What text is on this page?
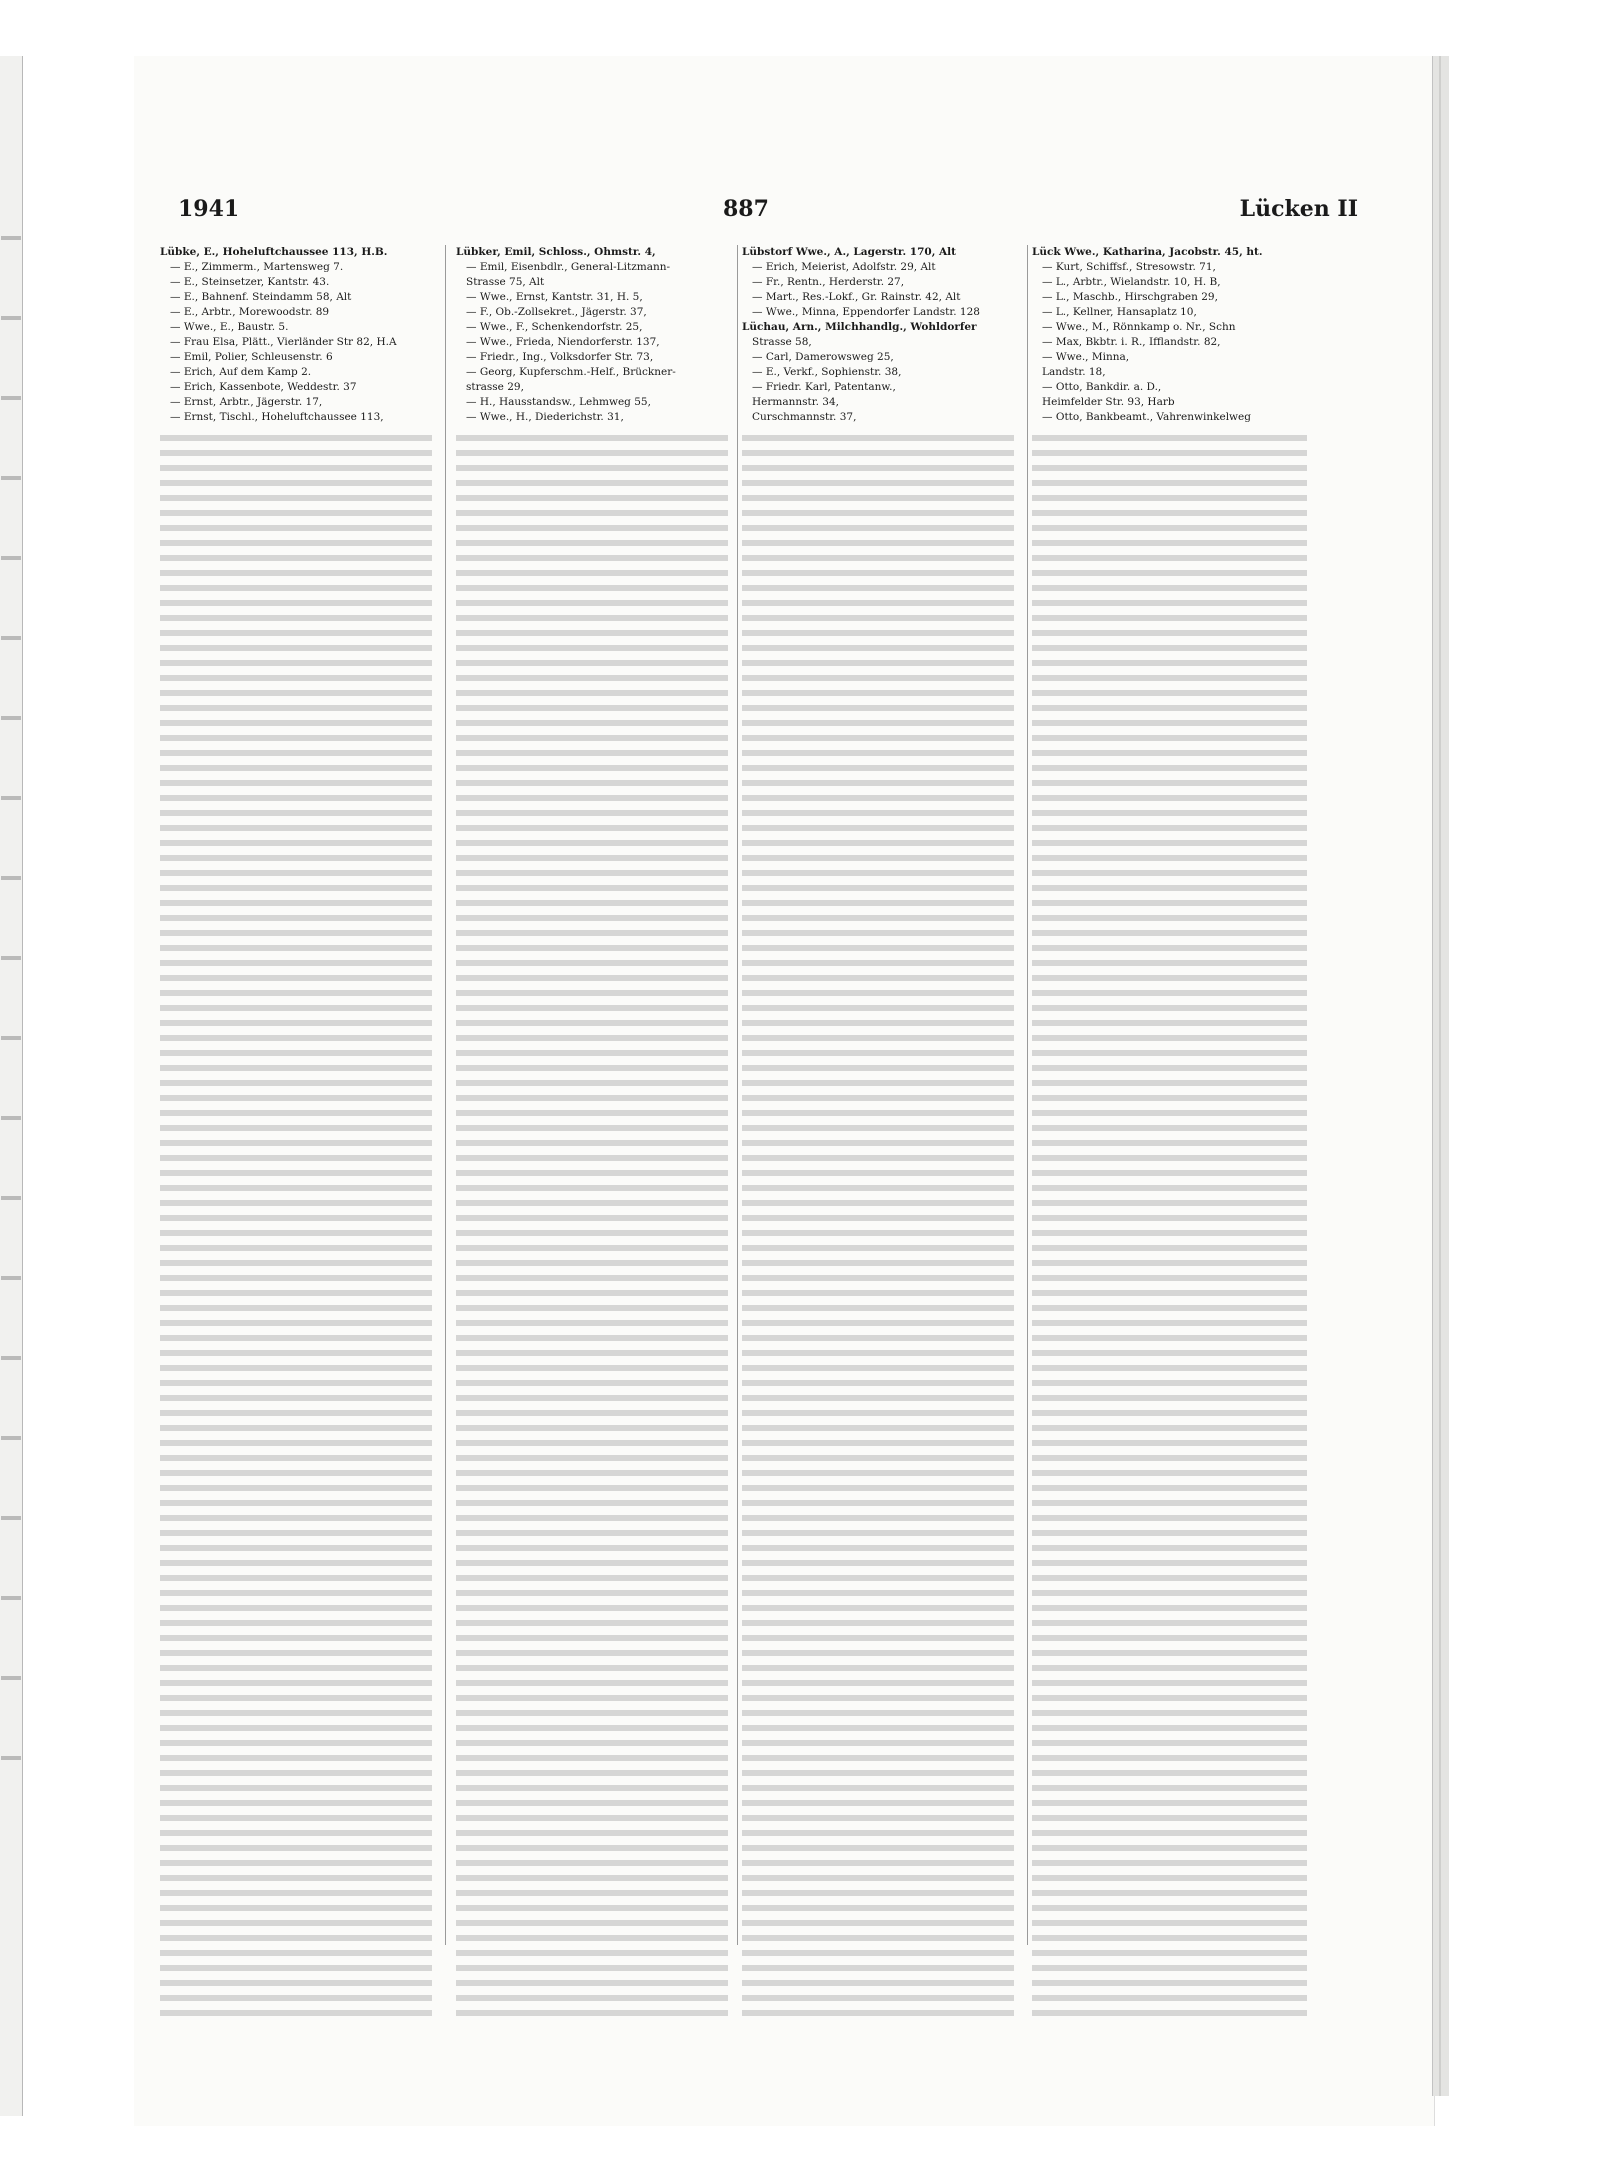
1941	887	Lücken II
Lübke, E., Hoheluftchaussee 113, H.B.
— E., Zimmerm., Martensweg 7.
— E., Steinsetzer, Kantstr. 43.
— E., Bahnenf. Steindamm 58, Alt
— E., Arbtr., Morewoodstr. 89
— Wwe., E., Baustr. 5.
— Frau Elsa, Plätt., Vierländer Str 82, H.A
— Emil, Polier, Schleusenstr. 6
— Erich, Auf dem Kamp 2.
— Erich, Kassenbote, Weddestr. 37
— Ernst, Arbtr., Jägerstr. 17,
— Ernst, Tischl., Hoheluftchaussee 113,
Lübker, Emil, Schloss., Ohmstr. 4,
— Emil, Eisenbdlr., General-Litzmann-
Strasse 75, Alt
— Wwe., Ernst, Kantstr. 31, H. 5,
— F., Ob.-Zollsekret., Jägerstr. 37,
— Wwe., F., Schenkendorfstr. 25,
— Wwe., Frieda, Niendorferstr. 137,
— Friedr., Ing., Volksdorfer Str. 73,
— Georg, Kupferschm.-Helf., Brückner-
strasse 29,
— H., Hausstandsw., Lehmweg 55,
— Wwe., H., Diederichstr. 31,
Lübstorf Wwe., A., Lagerstr. 170, Alt
— Erich, Meierist, Adolfstr. 29, Alt
— Fr., Rentn., Herderstr. 27,
— Mart., Res.-Lokf., Gr. Rainstr. 42, Alt
— Wwe., Minna, Eppendorfer Landstr. 128
Lüchau, Arn., Milchhandlg., Wohldorfer
Strasse 58,
— Carl, Damerowsweg 25,
— E., Verkf., Sophienstr. 38,
— Friedr. Karl, Patentanw.,
Hermannstr. 34,
Curschmannstr. 37,
Lück Wwe., Katharina, Jacobstr. 45, ht.
— Kurt, Schiffsf., Stresowstr. 71,
— L., Arbtr., Wielandstr. 10, H. B,
— L., Maschb., Hirschgraben 29,
— L., Kellner, Hansaplatz 10,
— Wwe., M., Rönnkamp o. Nr., Schn
— Max, Bkbtr. i. R., Ifflandstr. 82,
— Wwe., Minna,
Landstr. 18,
— Otto, Bankdir. a. D.,
Heimfelder Str. 93, Harb
— Otto, Bankbeamt., Vahrenwinkelweg
